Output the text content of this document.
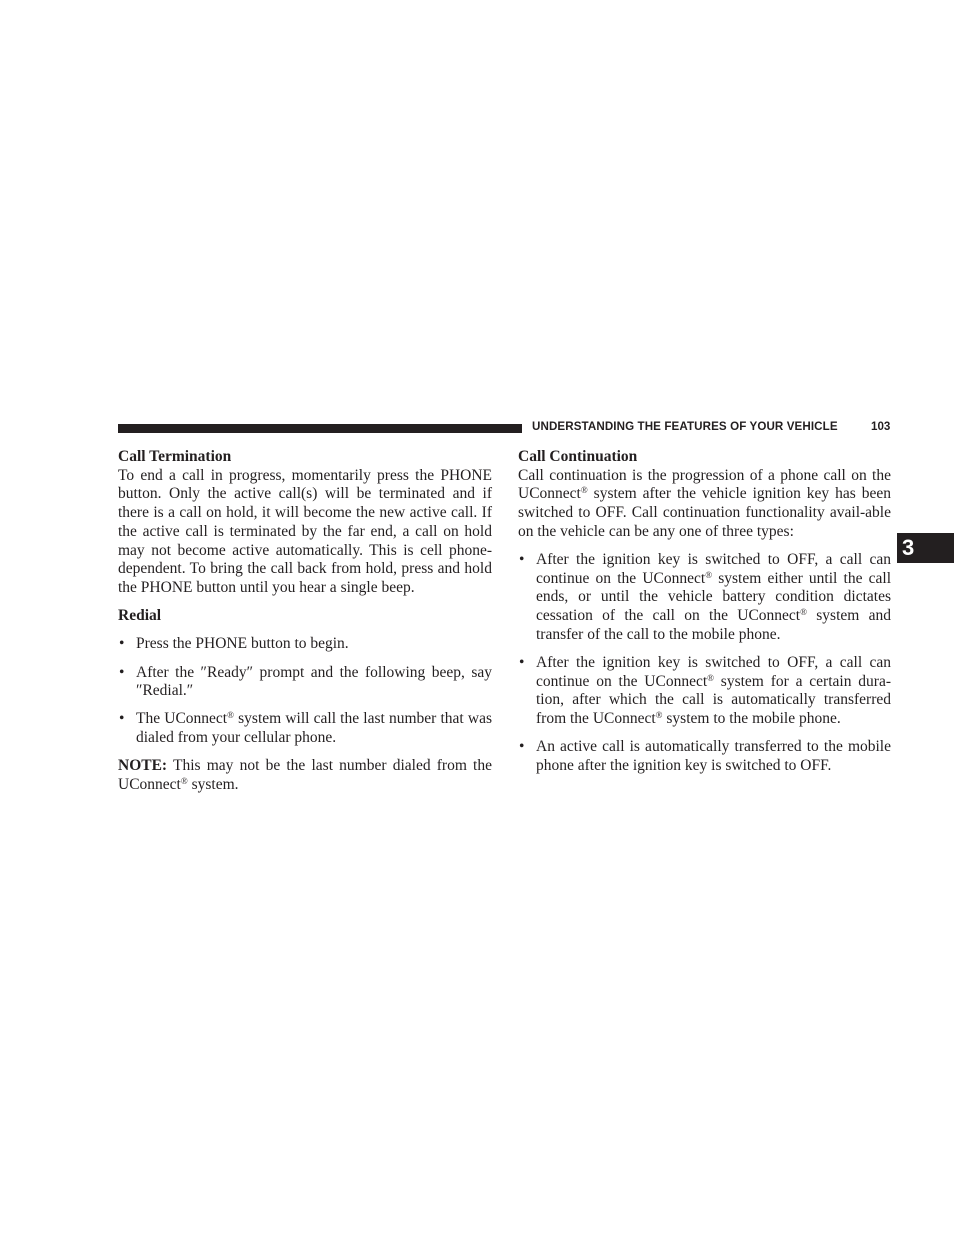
UNDERSTANDING THE FEATURES OF YOUR VEHICLE	103
3
Call Termination

To end a call in progress, momentarily press the PHONE button. Only the active call(s) will be terminated and if there is a call on hold, it will become the new active call. If the active call is terminated by the far end, a call on hold may not become active automatically. This is cell phone-dependent. To bring the call back from hold, press and hold the PHONE button until you hear a single beep.

Redial
• Press the PHONE button to begin.
• After the ″Ready″ prompt and the following beep, say ″Redial.″
• The UConnect® system will call the last number that was dialed from your cellular phone.

NOTE: This may not be the last number dialed from the UConnect® system.

Call Continuation

Call continuation is the progression of a phone call on the UConnect® system after the vehicle ignition key has been switched to OFF. Call continuation functionality avail-able on the vehicle can be any one of three types:

• After the ignition key is switched to OFF, a call can continue on the UConnect® system either until the call ends, or until the vehicle battery condition dictates cessation of the call on the UConnect® system and transfer of the call to the mobile phone.
• After the ignition key is switched to OFF, a call can continue on the UConnect® system for a certain dura-tion, after which the call is automatically transferred from the UConnect® system to the mobile phone.
• An active call is automatically transferred to the mobile phone after the ignition key is switched to OFF.
